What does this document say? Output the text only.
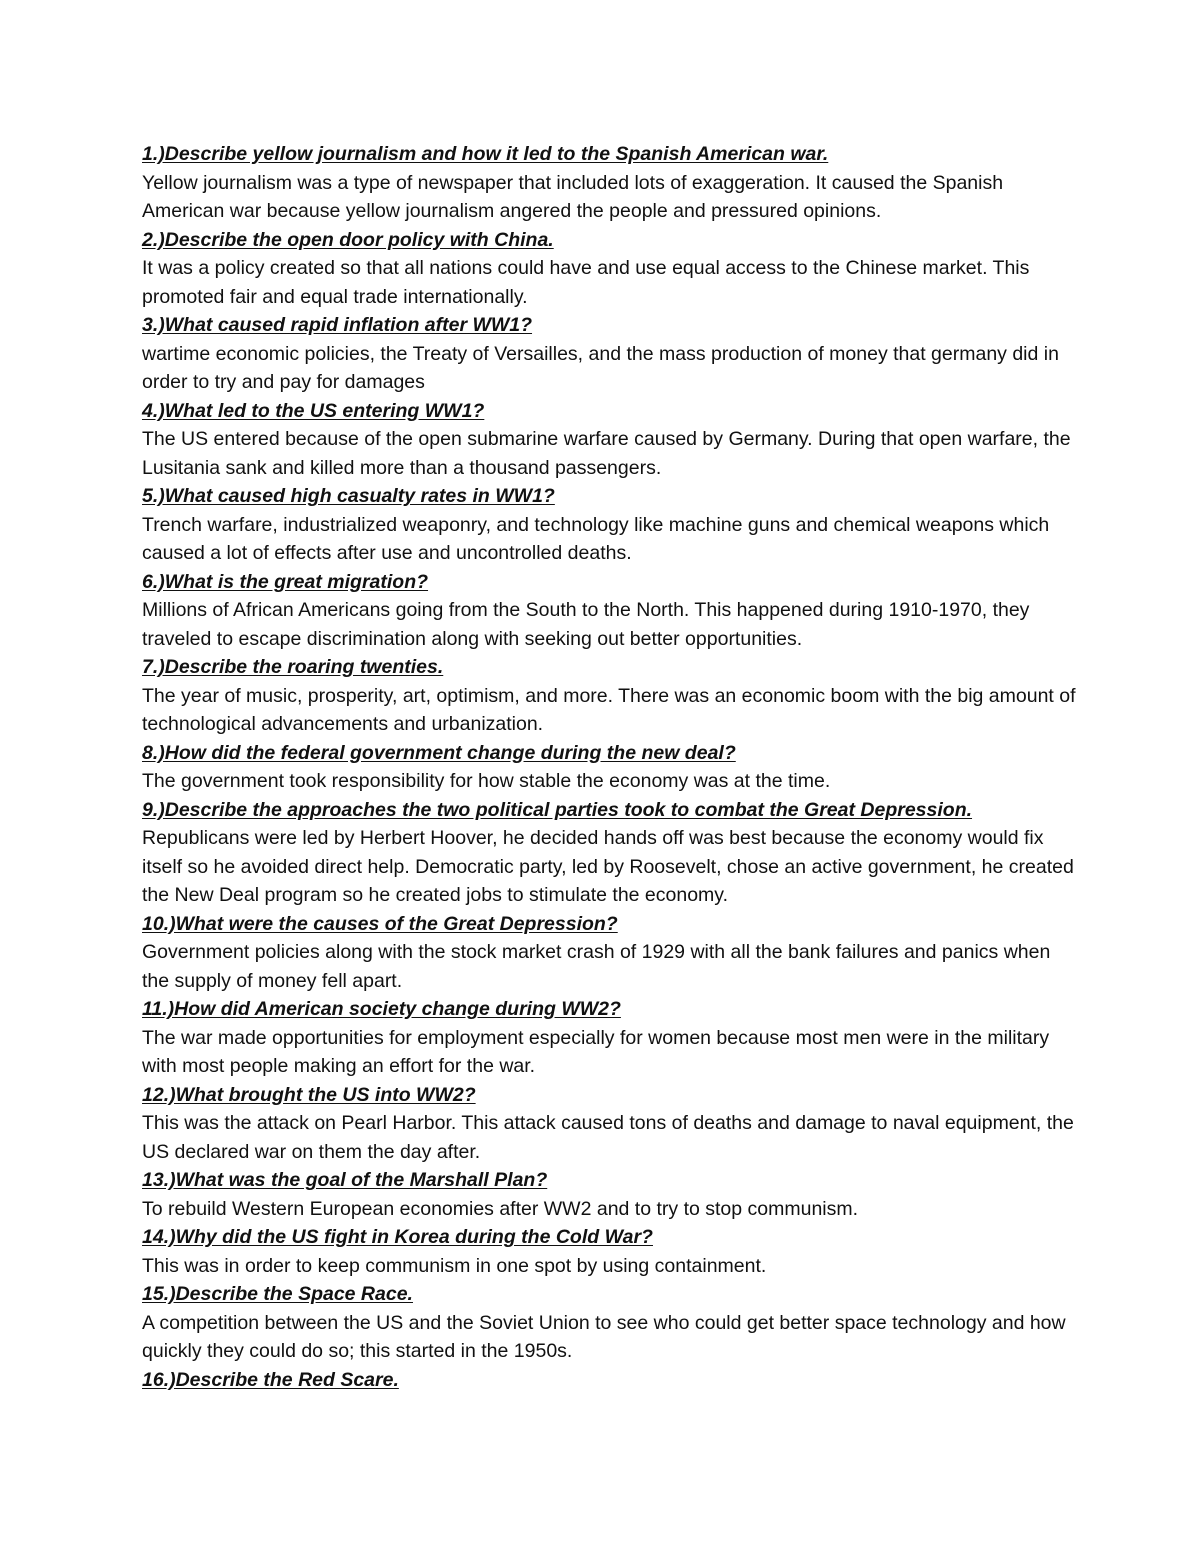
1.)Describe yellow journalism and how it led to the Spanish American war.

Yellow journalism was a type of newspaper that included lots of exaggeration. It caused the Spanish American war because yellow journalism angered the people and pressured opinions.

2.)Describe the open door policy with China.

It was a policy created so that all nations could have and use equal access to the Chinese market. This promoted fair and equal trade internationally.

3.)What caused rapid inflation after WW1?

wartime economic policies, the Treaty of Versailles, and the mass production of money that germany did in order to try and pay for damages

4.)What led to the US entering WW1?

The US entered because of the open submarine warfare caused by Germany. During that open warfare, the Lusitania sank and killed more than a thousand passengers.

5.)What caused high casualty rates in WW1?

Trench warfare, industrialized weaponry, and technology like machine guns and chemical weapons which caused a lot of effects after use and uncontrolled deaths.

6.)What is the great migration?

Millions of African Americans going from the South to the North. This happened during 1910-1970, they traveled to escape discrimination along with seeking out better opportunities.

7.)Describe the roaring twenties.

The year of music, prosperity, art, optimism, and more. There was an economic boom with the big amount of technological advancements and urbanization.

8.)How did the federal government change during the new deal?

The government took responsibility for how stable the economy was at the time.

9.)Describe the approaches the two political parties took to combat the Great Depression.

Republicans were led by Herbert Hoover, he decided hands off was best because the economy would fix itself so he avoided direct help. Democratic party, led by Roosevelt, chose an active government, he created the New Deal program so he created jobs to stimulate the economy.

10.)What were the causes of the Great Depression?

Government policies along with the stock market crash of 1929 with all the bank failures and panics when the supply of money fell apart.

11.)How did American society change during WW2?

The war made opportunities for employment especially for women because most men were in the military with most people making an effort for the war.

12.)What brought the US into WW2?

This was the attack on Pearl Harbor. This attack caused tons of deaths and damage to naval equipment, the US declared war on them the day after.

13.)What was the goal of the Marshall Plan?

To rebuild Western European economies after WW2 and to try to stop communism.

14.)Why did the US fight in Korea during the Cold War?

This was in order to keep communism in one spot by using containment.

15.)Describe the Space Race.

A competition between the US and the Soviet Union to see who could get better space technology and how quickly they could do so; this started in the 1950s.

16.)Describe the Red Scare.
